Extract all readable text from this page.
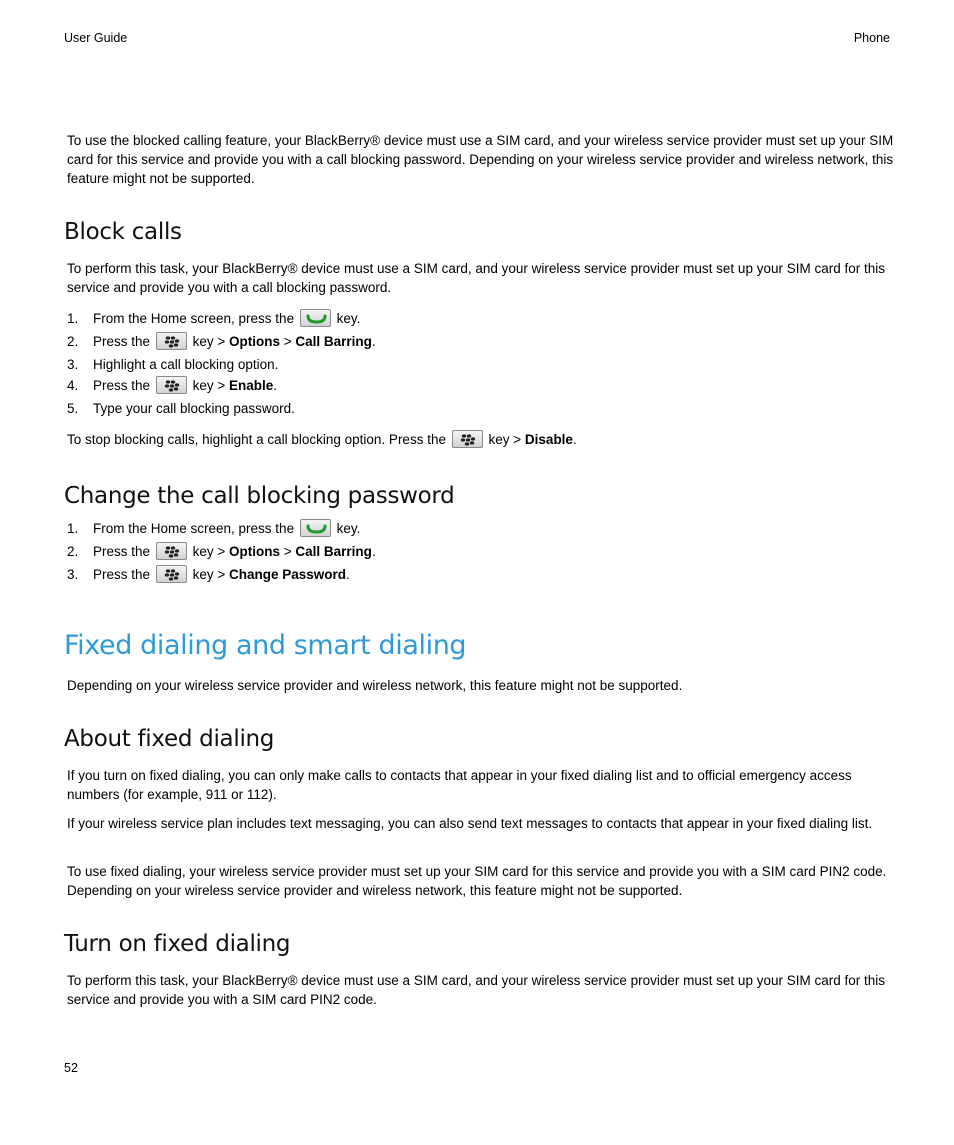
User Guide	Phone
To use the blocked calling feature, your BlackBerry® device must use a SIM card, and your wireless service provider must set up your SIM card for this service and provide you with a call blocking password. Depending on your wireless service provider and wireless network, this feature might not be supported.
Block calls
To perform this task, your BlackBerry® device must use a SIM card, and your wireless service provider must set up your SIM card for this service and provide you with a call blocking password.
1. From the Home screen, press the	key.
2. Press the	key > Options > Call Barring.
3. Highlight a call blocking option.
4. Press the	key > Enable.
5. Type your call blocking password.
To stop blocking calls, highlight a call blocking option. Press the	key > Disable.
Change the call blocking password
1. From the Home screen, press the	key.
2. Press the	key > Options > Call Barring.
3. Press the	key > Change Password.
Fixed dialing and smart dialing
Depending on your wireless service provider and wireless network, this feature might not be supported.
About fixed dialing
If you turn on fixed dialing, you can only make calls to contacts that appear in your fixed dialing list and to official emergency access numbers (for example, 911 or 112).
If your wireless service plan includes text messaging, you can also send text messages to contacts that appear in your fixed dialing list.
To use fixed dialing, your wireless service provider must set up your SIM card for this service and provide you with a SIM card PIN2 code. Depending on your wireless service provider and wireless network, this feature might not be supported.
Turn on fixed dialing
To perform this task, your BlackBerry® device must use a SIM card, and your wireless service provider must set up your SIM card for this service and provide you with a SIM card PIN2 code.
52
